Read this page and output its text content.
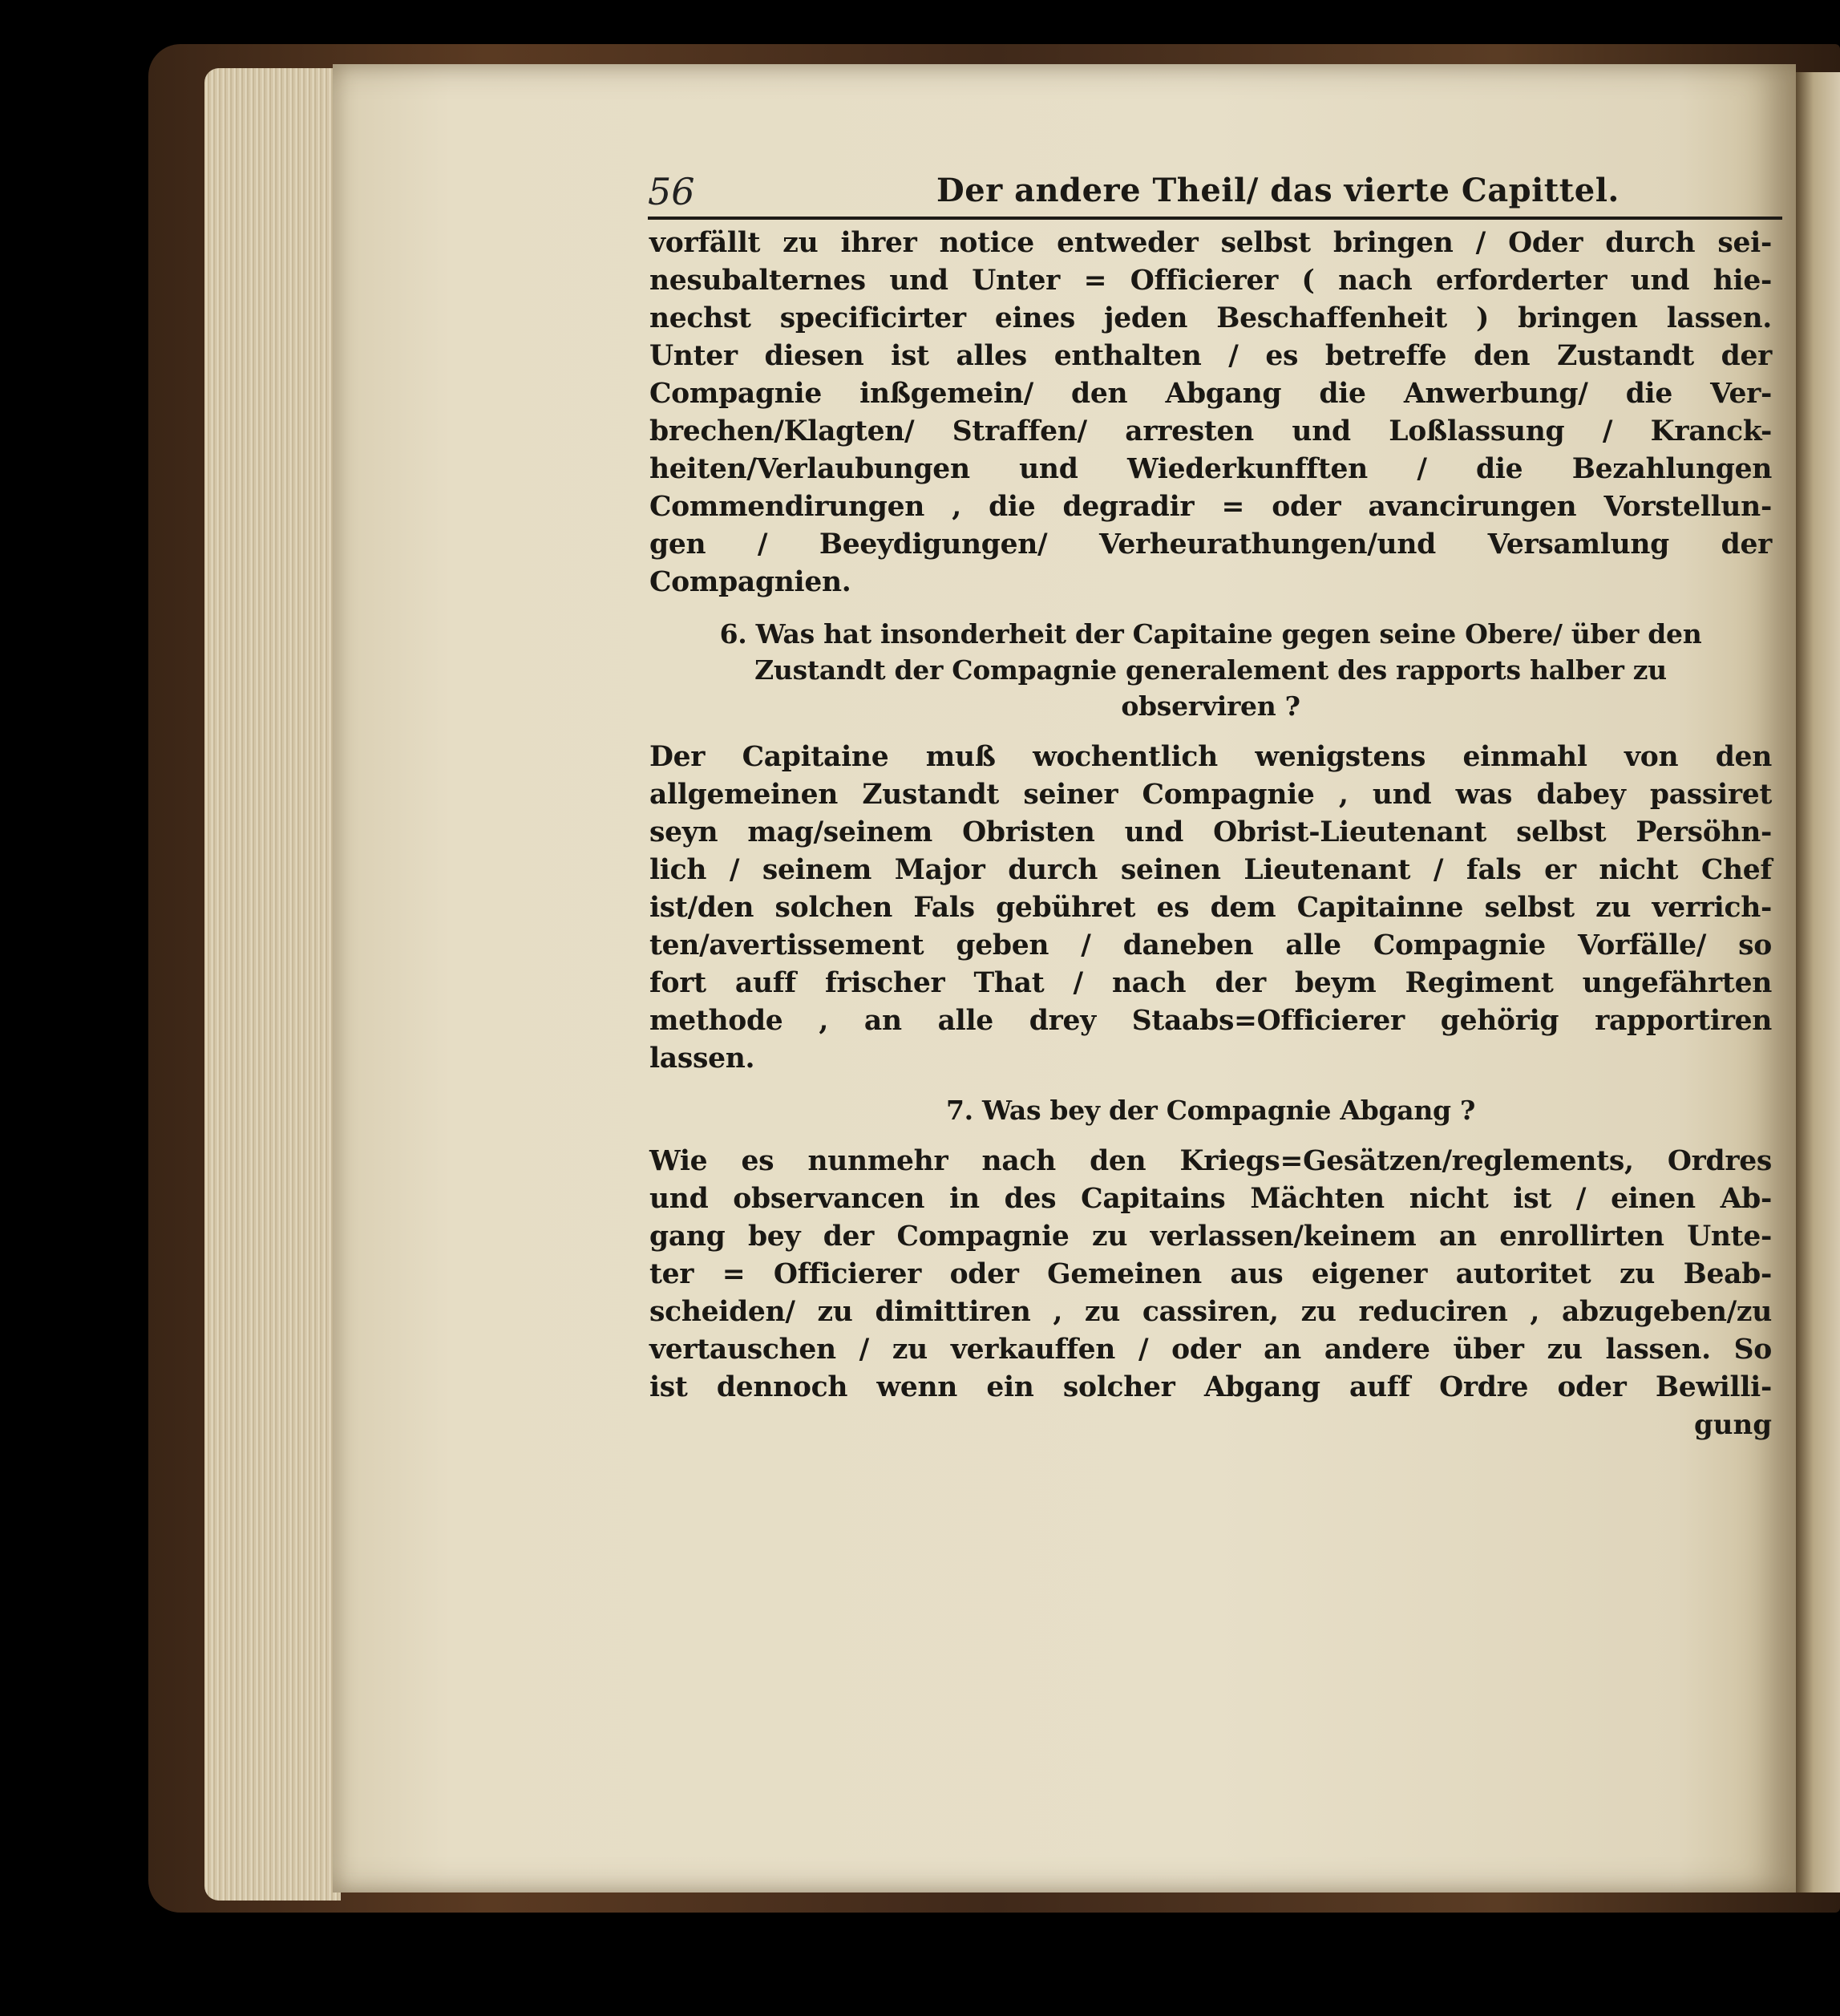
56	Der andere Theil/ das vierte Capittel.
vorfällt zu ihrer notice entweder selbst bringen / Oder durch sei-
nesubalternes und Unter = Officierer ( nach erforderter und hie-
nechst specificirter eines jeden Beschaffenheit ) bringen lassen.
Unter diesen ist alles enthalten / es betreffe den Zustandt der
Compagnie inßgemein/ den Abgang die Anwerbung/ die Ver-
brechen/Klagten/ Straffen/ arresten und Loßlassung / Kranck-
heiten/Verlaubungen und Wiederkunfften / die Bezahlungen
Commendirungen , die degradir = oder avancirungen Vorstellun-
gen / Beeydigungen/ Verheurathungen/und Versamlung der
Compagnien.
6. Was hat insonderheit der Capitaine gegen seine Obere/ über den
Zustandt der Compagnie generalement des rapports halber zu
observiren ?
Der Capitaine muß wochentlich wenigstens einmahl von den
allgemeinen Zustandt seiner Compagnie , und was dabey passiret
seyn mag/seinem Obristen und Obrist-Lieutenant selbst Persöhn-
lich / seinem Major durch seinen Lieutenant / fals er nicht Chef
ist/den solchen Fals gebühret es dem Capitainne selbst zu verrich-
ten/avertissement geben / daneben alle Compagnie Vorfälle/ so
fort auff frischer That / nach der beym Regiment ungefährten
methode , an alle drey Staabs=Officierer gehörig rapportiren
lassen.
7. Was bey der Compagnie Abgang ?
Wie es nunmehr nach den Kriegs=Gesätzen/reglements, Ordres
und observancen in des Capitains Mächten nicht ist / einen Ab-
gang bey der Compagnie zu verlassen/keinem an enrollirten Unte-
ter = Officierer oder Gemeinen aus eigener autoritet zu Beab-
scheiden/ zu dimittiren , zu cassiren, zu reduciren , abzugeben/zu
vertauschen / zu verkauffen / oder an andere über zu lassen. So
ist dennoch wenn ein solcher Abgang auff Ordre oder Bewilli-
gung
